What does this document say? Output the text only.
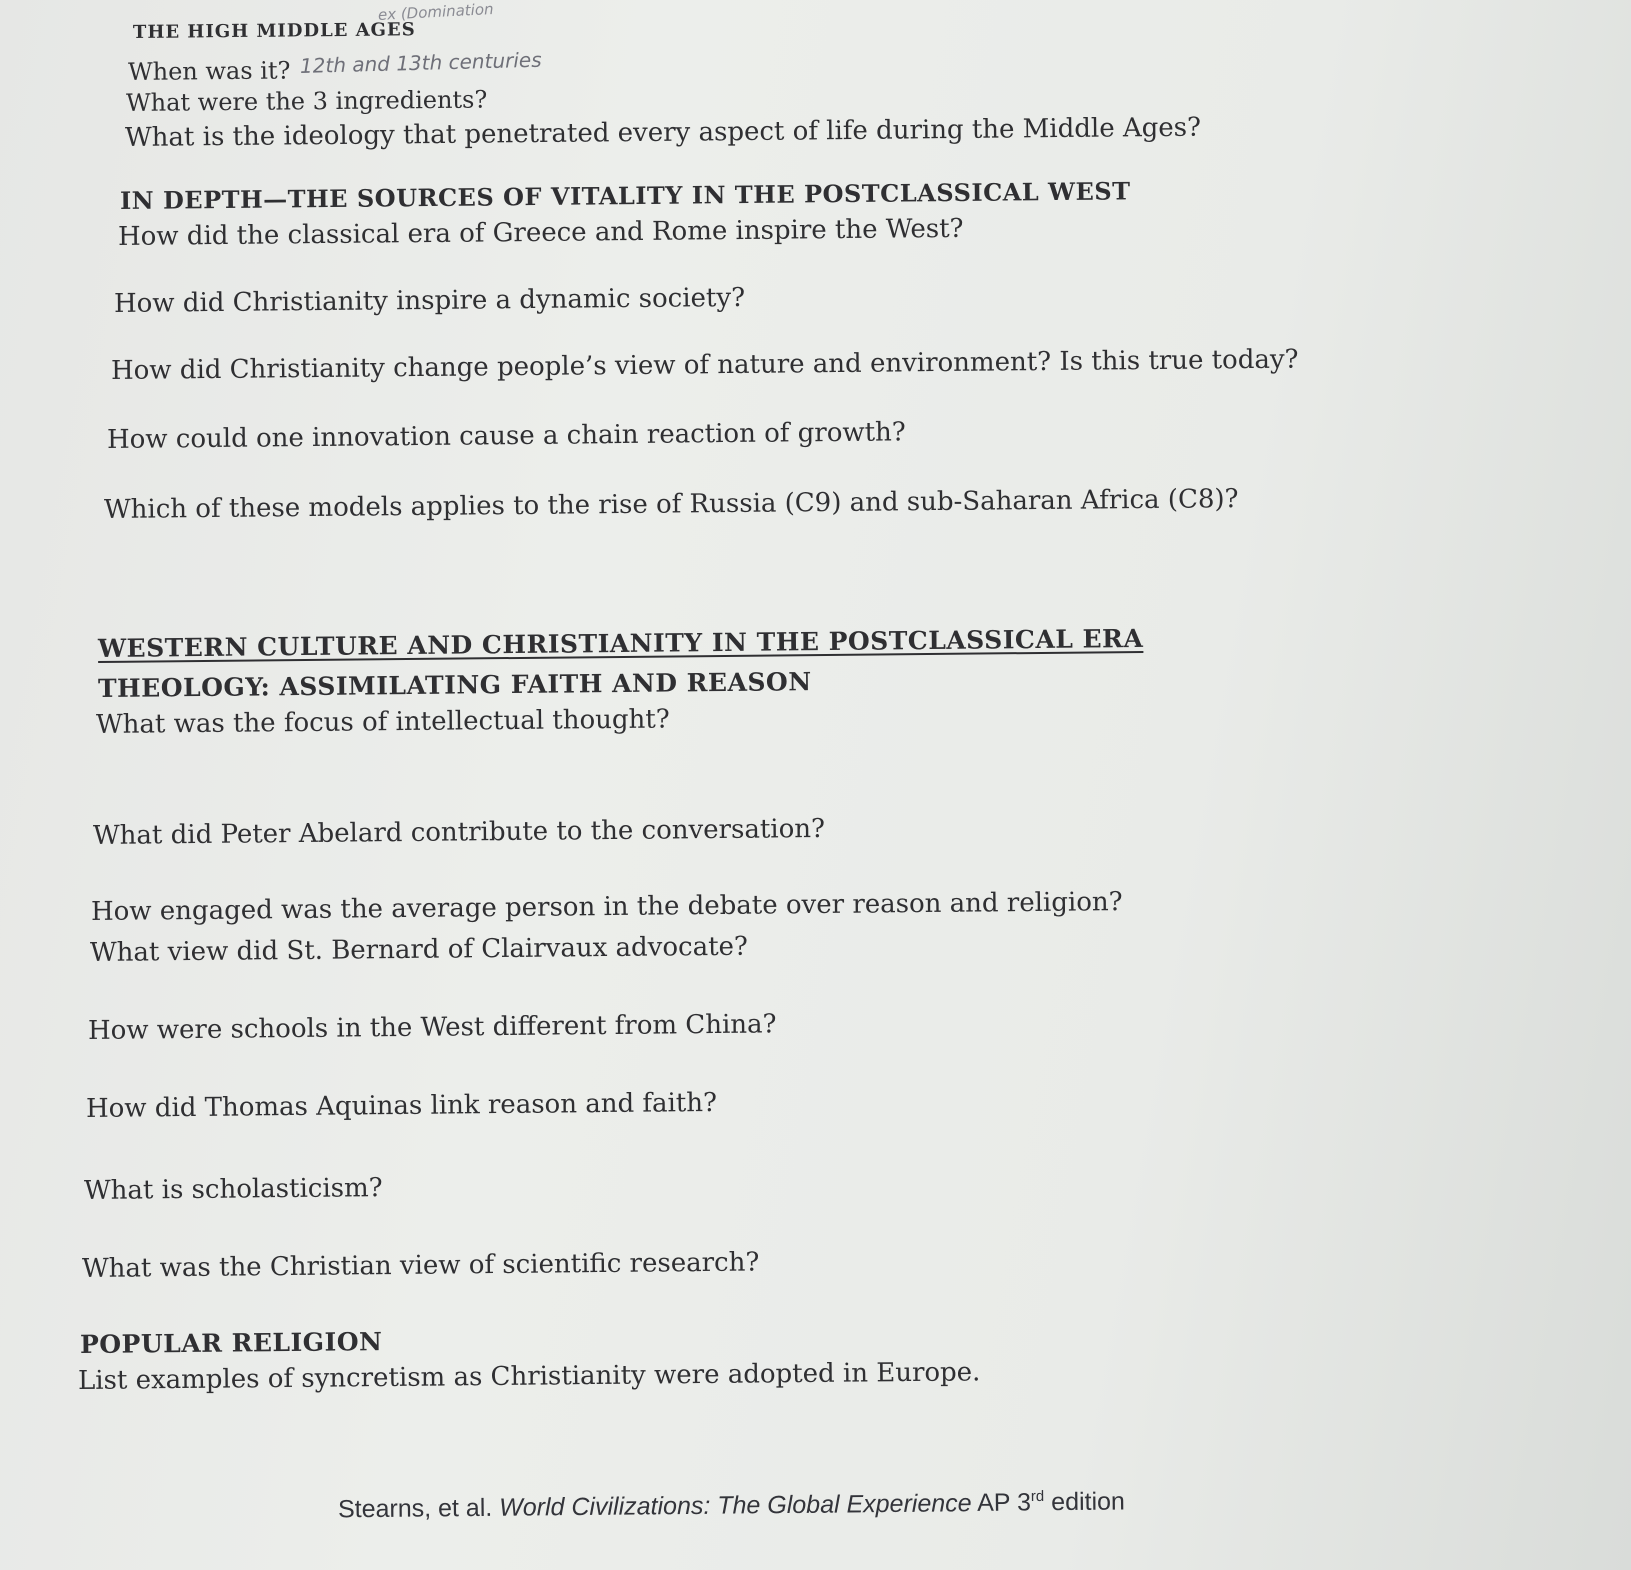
THE HIGH MIDDLE AGES
ex (Domination
When was it? 12th and 13th centuries
What were the 3 ingredients?
What is the ideology that penetrated every aspect of life during the Middle Ages?
IN DEPTH—THE SOURCES OF VITALITY IN THE POSTCLASSICAL WEST
How did the classical era of Greece and Rome inspire the West?
How did Christianity inspire a dynamic society?
How did Christianity change people’s view of nature and environment? Is this true today?
How could one innovation cause a chain reaction of growth?
Which of these models applies to the rise of Russia (C9) and sub-Saharan Africa (C8)?
WESTERN CULTURE AND CHRISTIANITY IN THE POSTCLASSICAL ERA
THEOLOGY: ASSIMILATING FAITH AND REASON
What was the focus of intellectual thought?
What did Peter Abelard contribute to the conversation?
How engaged was the average person in the debate over reason and religion?
What view did St. Bernard of Clairvaux advocate?
How were schools in the West different from China?
How did Thomas Aquinas link reason and faith?
What is scholasticism?
What was the Christian view of scientific research?
POPULAR RELIGION
List examples of syncretism as Christianity were adopted in Europe.
Stearns, et al. World Civilizations: The Global Experience AP 3rd edition
